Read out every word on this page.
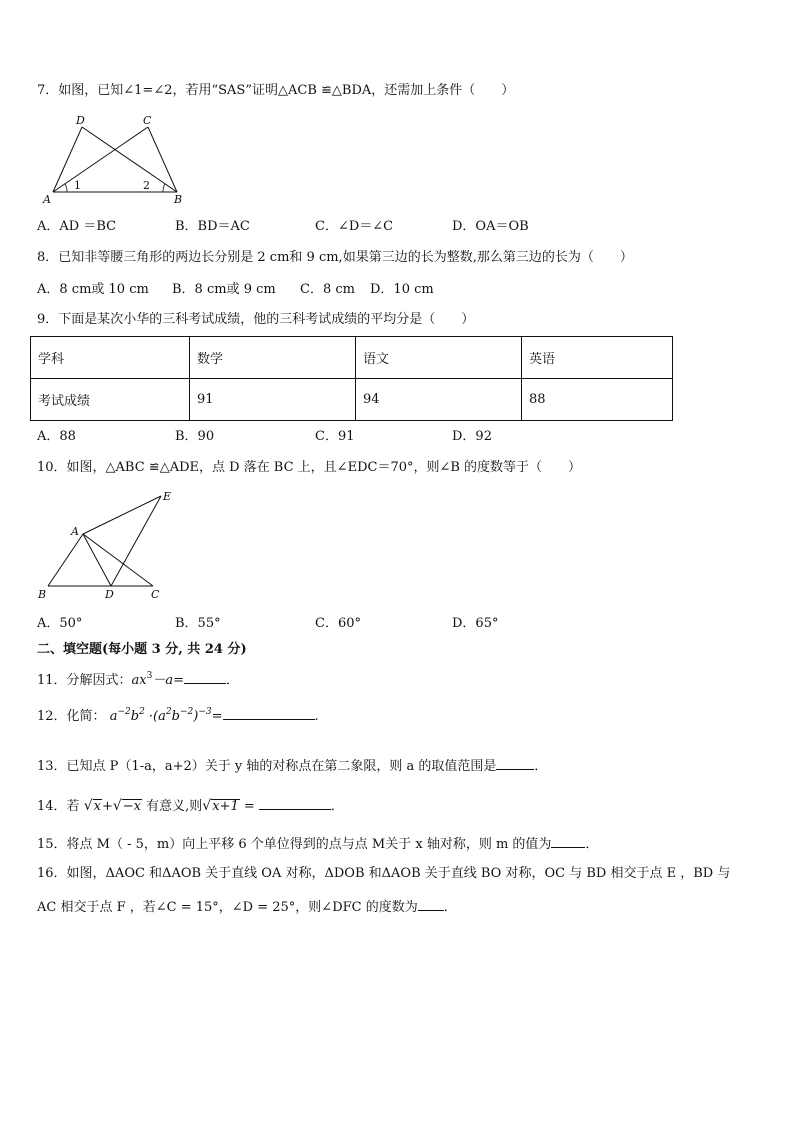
7．如图，已知∠1=∠2，若用“SAS”证明△ACB ≌△BDA，还需加上条件（　　）
D	C
A	B
1	2
A．AD ＝BC	B．BD＝AC	C．∠D＝∠C	D．OA＝OB
8．已知非等腰三角形的两边长分别是 2 cm和 9 cm,如果第三边的长为整数,那么第三边的长为（　　）
A．8 cm或 10 cm B．8 cm或 9 cm C．8 cm D．10 cm
9．下面是某次小华的三科考试成绩，他的三科考试成绩的平均分是（　　）
学科	数学	语文	英语
考试成绩	91	94	88
A．88	B．90	C．91	D．92
10．如图，△ABC ≌△ADE，点 D 落在 BC 上，且∠EDC＝70°，则∠B 的度数等于（　　）
E
A
B	D	C
A．50°	B．55°	C．60°	D．65°
二、填空题(每小题 3 分, 共 24 分)
11．分解因式：$ax^3-a=$	．
12．化简： $a^{-2}b^2 \cdot(a^2b^{-2})^{-3}=$	.
13．已知点 P（1-a，a+2）关于 y 轴的对称点在第二象限，则 a 的取值范围是	．
14．若 √x+√−x 有意义,则√x+1 =	．
15．将点 M（ - 5，m）向上平移 6 个单位得到的点与点 M关于 x 轴对称，则 m 的值为	．
16．如图，ΔAOC 和ΔAOB 关于直线 OA 对称，ΔDOB 和ΔAOB 关于直线 BO 对称，OC 与 BD 相交于点 E ，BD 与
AC 相交于点 F ，若∠C = 15°，∠D = 25°，则∠DFC 的度数为 ．
